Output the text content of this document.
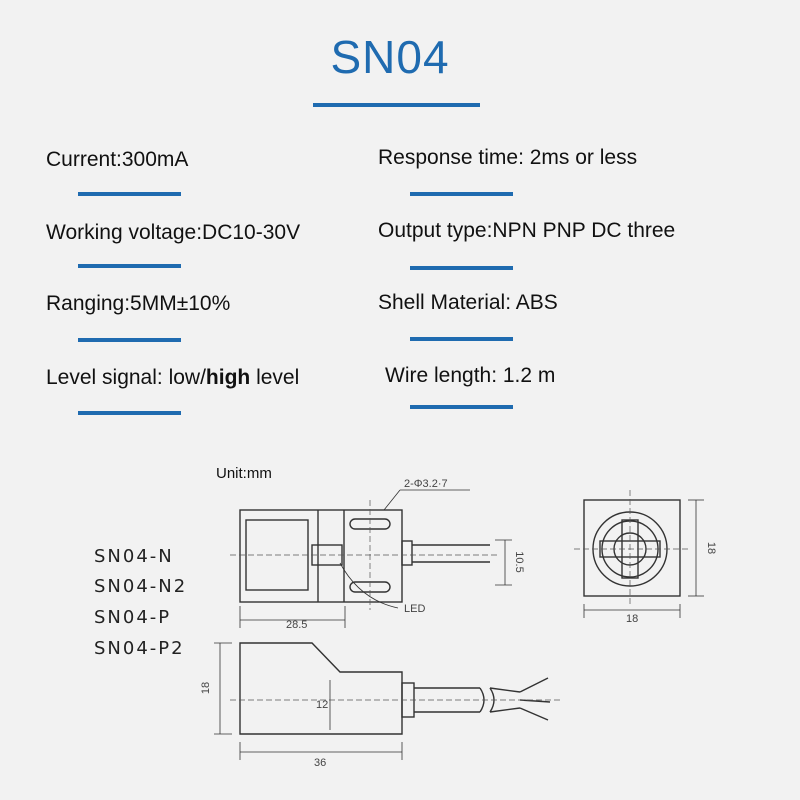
SN04
Current:300mA
Working voltage:DC10-30V
Ranging:5MM±10%
Level signal: low/high level
Response time: 2ms or less
Output type:NPN PNP DC three
Shell Material: ABS
Wire length: 1.2 m
Unit:mm
SN04-N
SN04-N2
SN04-P
SN04-P2
2-Φ3.2·7
28.5
LED
10.5
18
18
18
12
36
